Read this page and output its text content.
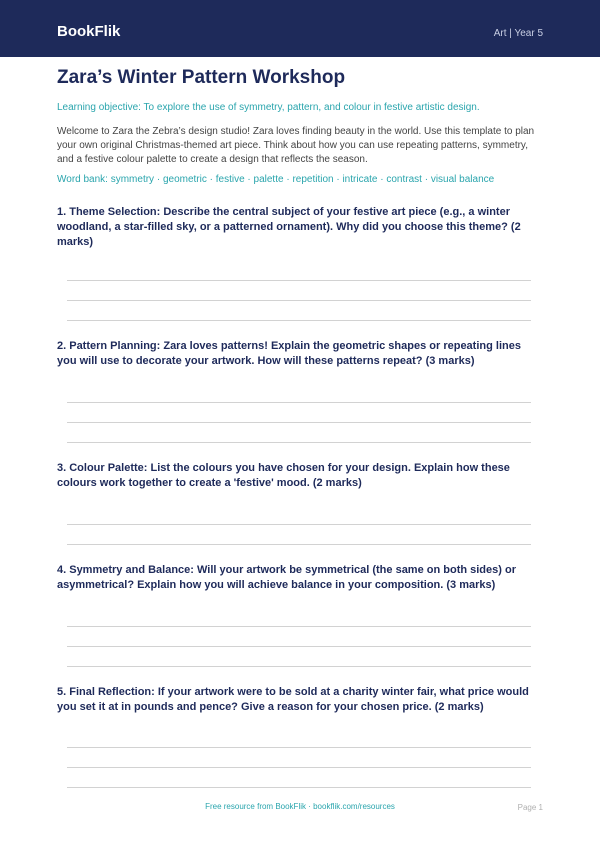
BookFlik	Art | Year 5
Zara’s Winter Pattern Workshop
Learning objective: To explore the use of symmetry, pattern, and colour in festive artistic design.
Welcome to Zara the Zebra’s design studio! Zara loves finding beauty in the world. Use this template to plan your own original Christmas-themed art piece. Think about how you can use repeating patterns, symmetry, and a festive colour palette to create a design that reflects the season.
Word bank: symmetry · geometric · festive · palette · repetition · intricate · contrast · visual balance
1. Theme Selection: Describe the central subject of your festive art piece (e.g., a winter woodland, a star-filled sky, or a patterned ornament). Why did you choose this theme? (2 marks)
2. Pattern Planning: Zara loves patterns! Explain the geometric shapes or repeating lines you will use to decorate your artwork. How will these patterns repeat? (3 marks)
3. Colour Palette: List the colours you have chosen for your design. Explain how these colours work together to create a 'festive' mood. (2 marks)
4. Symmetry and Balance: Will your artwork be symmetrical (the same on both sides) or asymmetrical? Explain how you will achieve balance in your composition. (3 marks)
5. Final Reflection: If your artwork were to be sold at a charity winter fair, what price would you set it at in pounds and pence? Give a reason for your chosen price. (2 marks)
Free resource from BookFlik · bookflik.com/resources	Page 1
